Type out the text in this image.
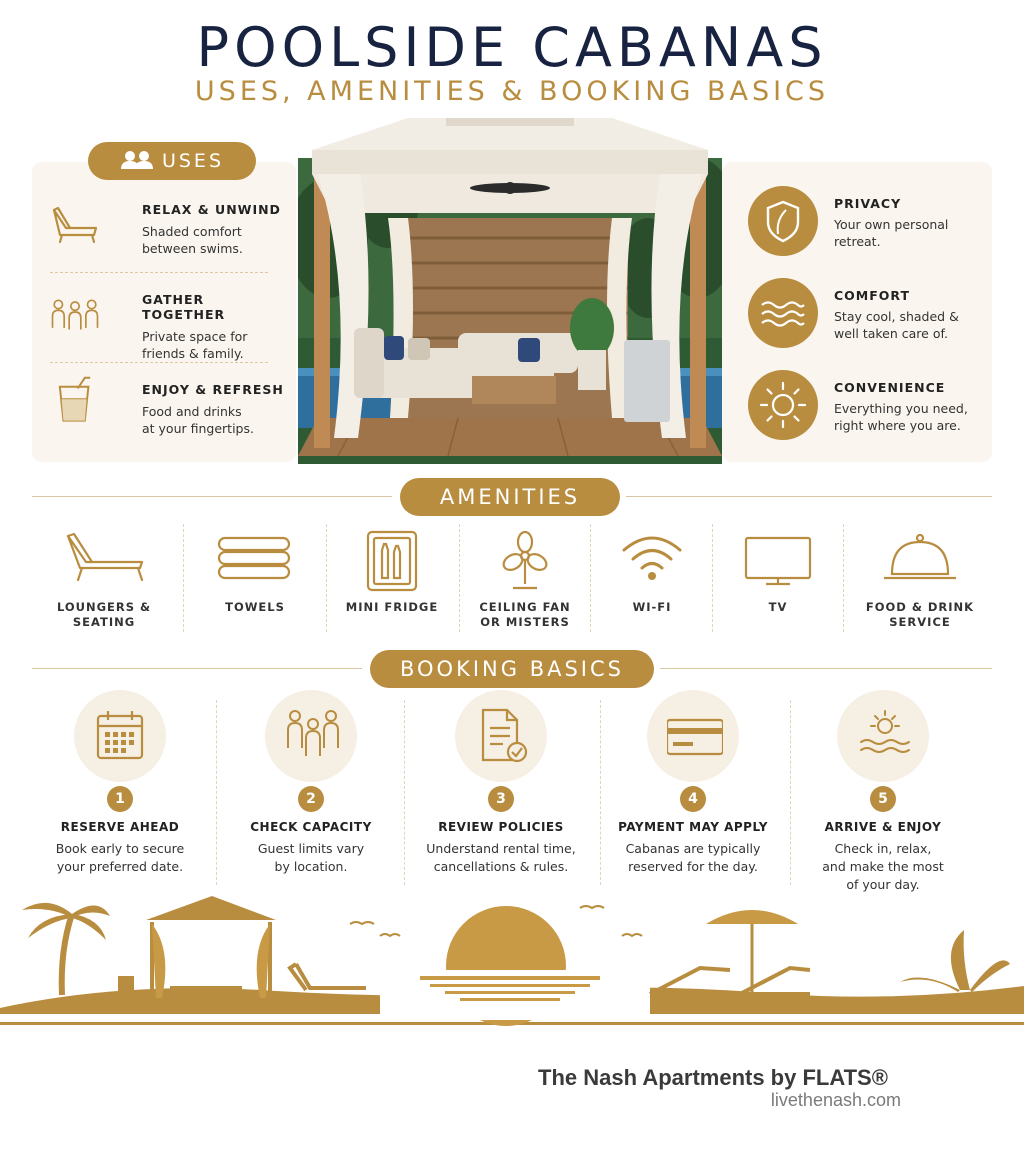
POOLSIDE CABANAS
USES, AMENITIES & BOOKING BASICS
USES
RELAX & UNWIND
Shaded comfort
between swims.
GATHER TOGETHER
Private space for
friends & family.
ENJOY & REFRESH
Food and drinks
at your fingertips.
PRIVACY
Your own personal
retreat.
COMFORT
Stay cool, shaded &
well taken care of.
CONVENIENCE
Everything you need,
right where you are.
AMENITIES
LOUNGERS &
SEATING
TOWELS	MINI FRIDGE	CEILING FAN
OR MISTERS
WI-FI	TV	FOOD & DRINK
SERVICE
BOOKING BASICS
1
RESERVE AHEAD
Book early to secure
your preferred date.
2
CHECK CAPACITY
Guest limits vary
by location.
3
REVIEW POLICIES
Understand rental time,
cancellations & rules.
4
PAYMENT MAY APPLY
Cabanas are typically
reserved for the day.
5
ARRIVE & ENJOY
Check in, relax,
and make the most
of your day.
The Nash Apartments by FLATS®
livethenash.com
